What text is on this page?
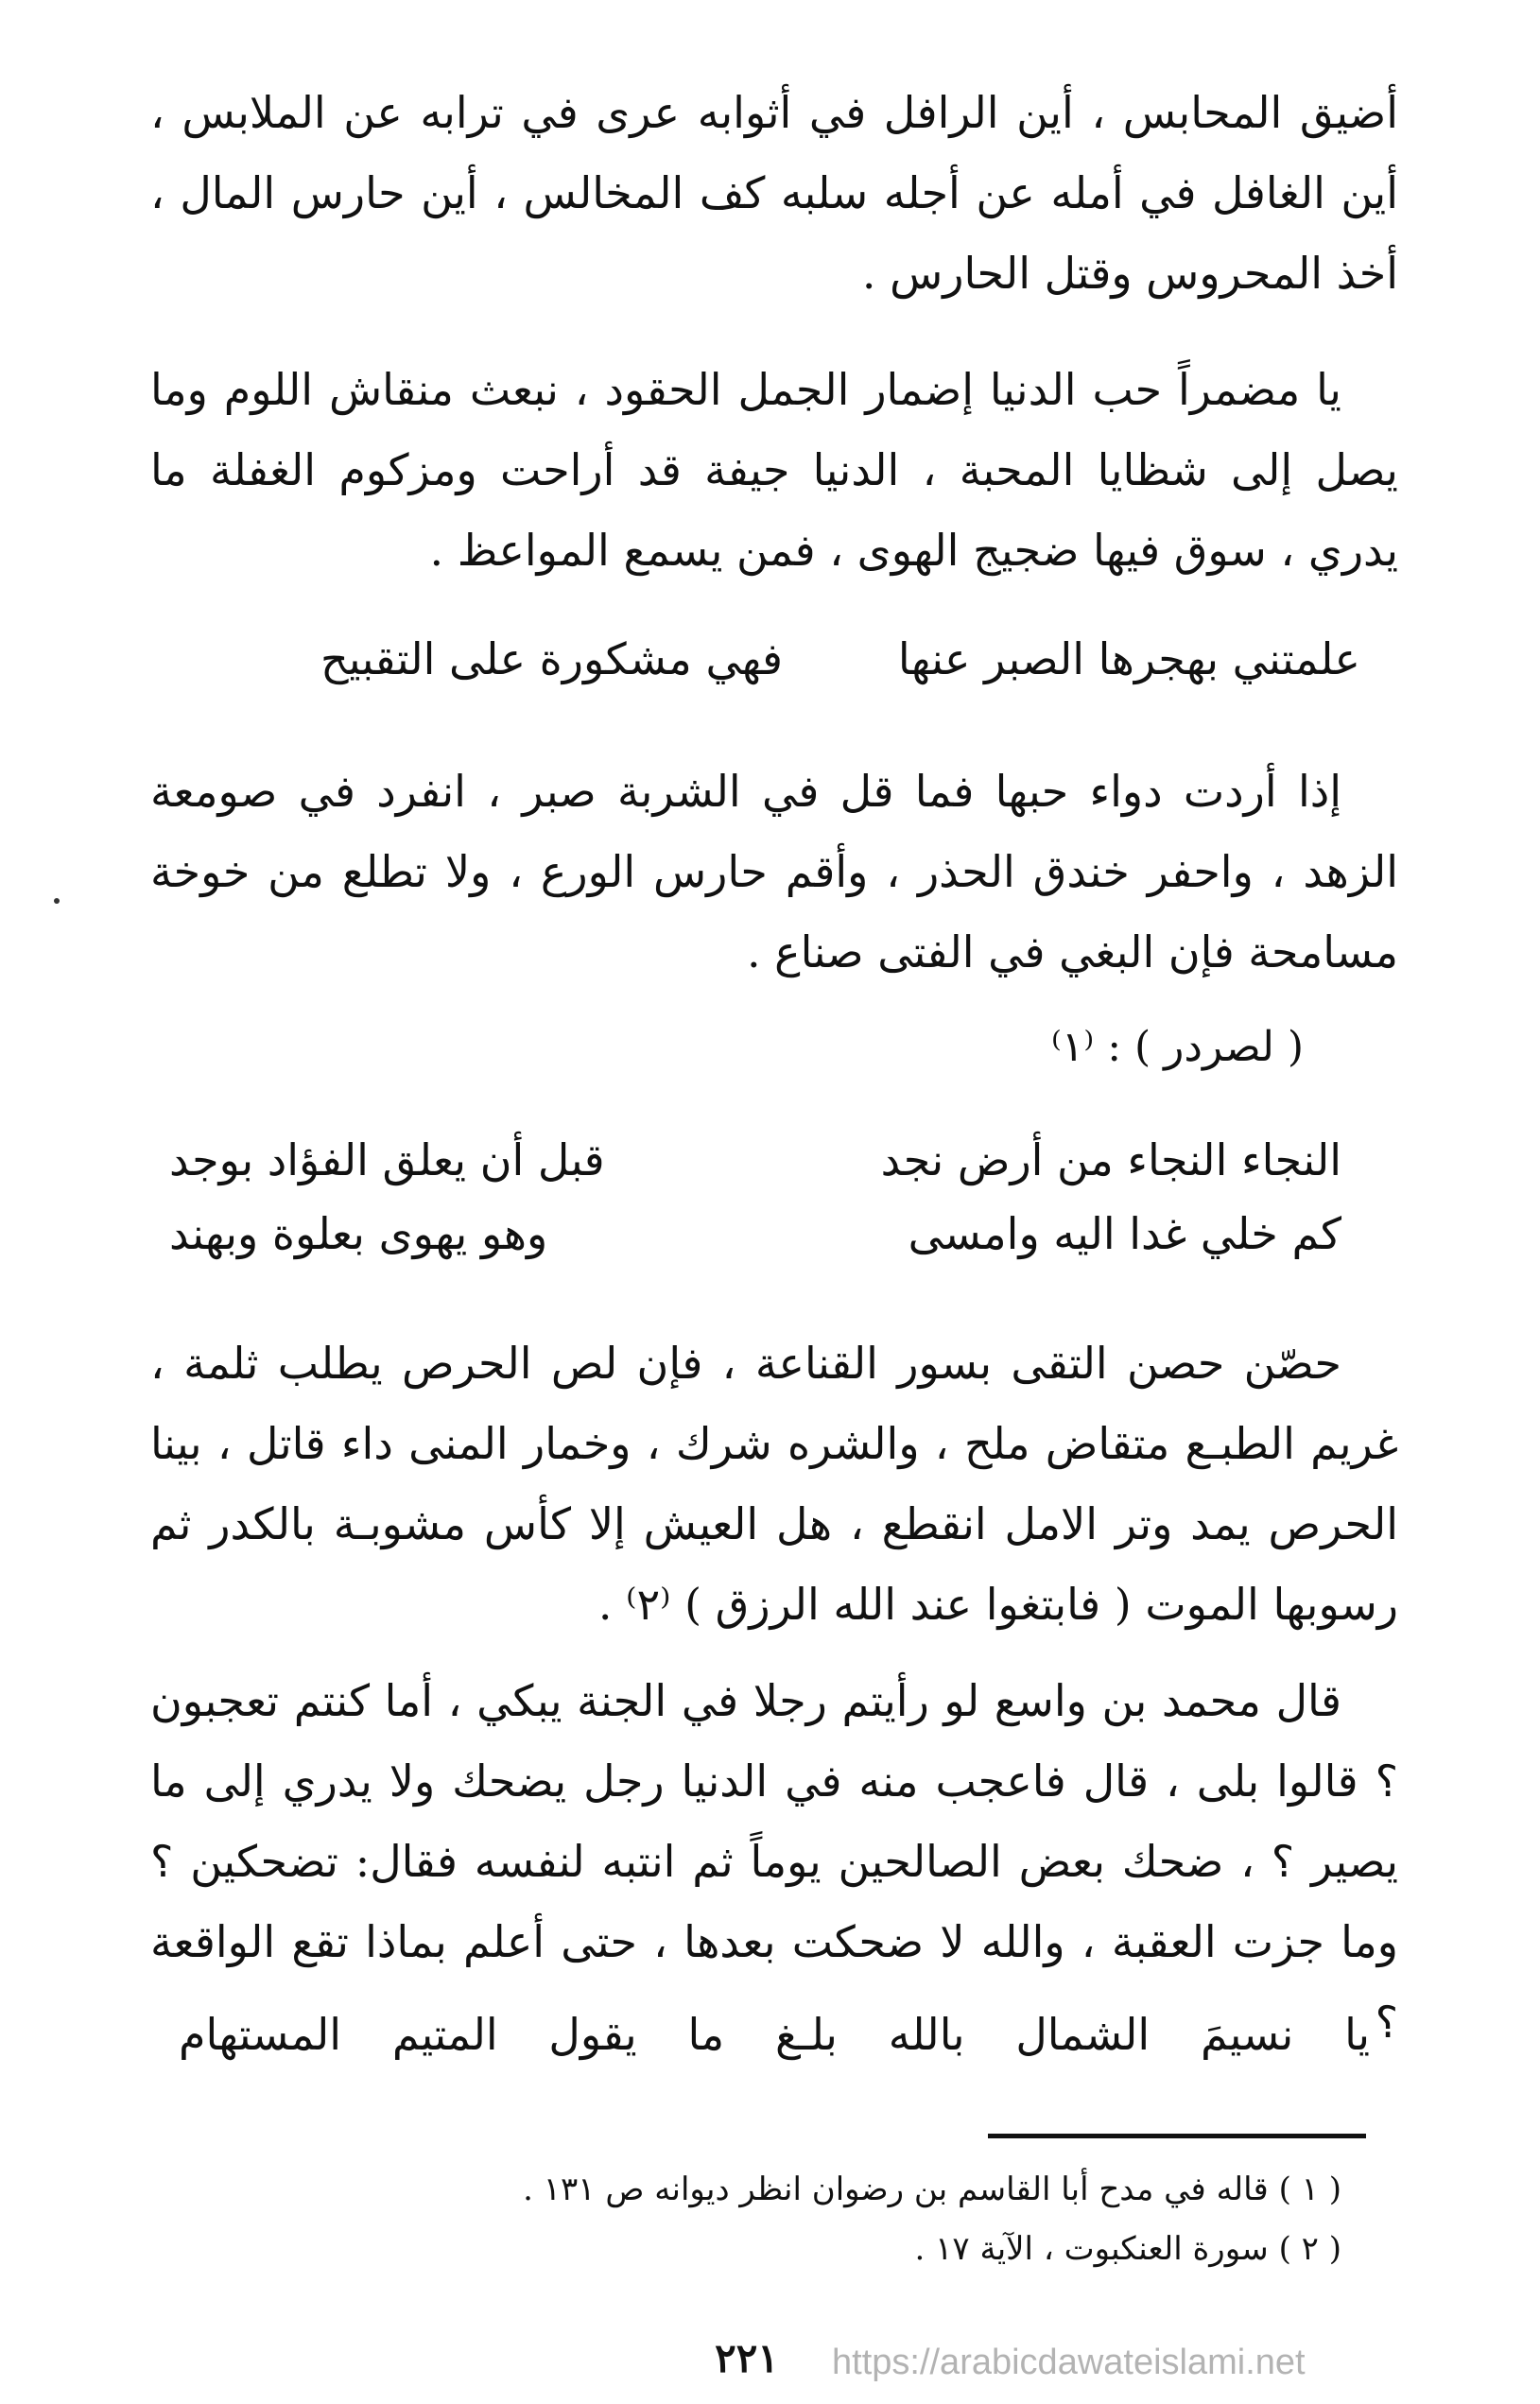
أضيق المحابس ، أين الرافل في أثوابه عرى في ترابه عن الملابس ، أين الغافل في أمله عن أجله سلبه كف المخالس ، أين حارس المال ، أخذ المحروس وقتل الحارس .

يا مضمراً حب الدنيا إضمار الجمل الحقود ، نبعث منقاش اللوم وما يصل إلى شظايا المحبة ، الدنيا جيفة قد أراحت ومزكوم الغفلة ما يدري ، سوق فيها ضجيج الهوى ، فمن يسمع المواعظ .

علمتني بهجرها الصبر عنها
فهي مشكورة على التقبيح

إذا أردت دواء حبها فما قل في الشربة صبر ، انفرد في صومعة الزهد ، واحفر خندق الحذر ، وأقم حارس الورع ، ولا تطلع من خوخة مسامحة فإن البغي في الفتى صناع .

( لصردر ) : ⁽١⁾
النجاء النجاء من أرض نجد
قبل أن يعلق الفؤاد بوجد
كم خلي غدا اليه وامسى
وهو يهوى بعلوة وبهند

حصّن حصن التقى بسور القناعة ، فإن لص الحرص يطلب ثلمة ، غريم الطبـع متقاض ملح ، والشره شرك ، وخمار المنى داء قاتل ، بينا الحرص يمد وتر الامل انقطع ، هل العيش إلا كأس مشوبـة بالكدر ثم رسوبها الموت ( فابتغوا عند الله الرزق ) ⁽٢⁾ .

قال محمد بن واسع لو رأيتم رجلا في الجنة يبكي ، أما كنتم تعجبون ؟ قالوا بلى ، قال فاعجب منه في الدنيا رجل يضحك ولا يدري إلى ما يصير ؟ ، ضحك بعض الصالحين يوماً ثم انتبه لنفسه فقال: تضحكين ؟ وما جزت العقبة ، والله لا ضحكت بعدها ، حتى أعلم بماذا تقع الواقعة ؟

يا
نسيمَ
الشمال
بالله
بلـغ
ما
يقول
المتيم
المستهام
( ١ ) قاله في مدح أبا القاسم بن رضوان انظر ديوانه ص ١٣١ .
( ٢ ) سورة العنكبوت ، الآية ١٧ .
٢٢١	https://arabicdawateislami.net
